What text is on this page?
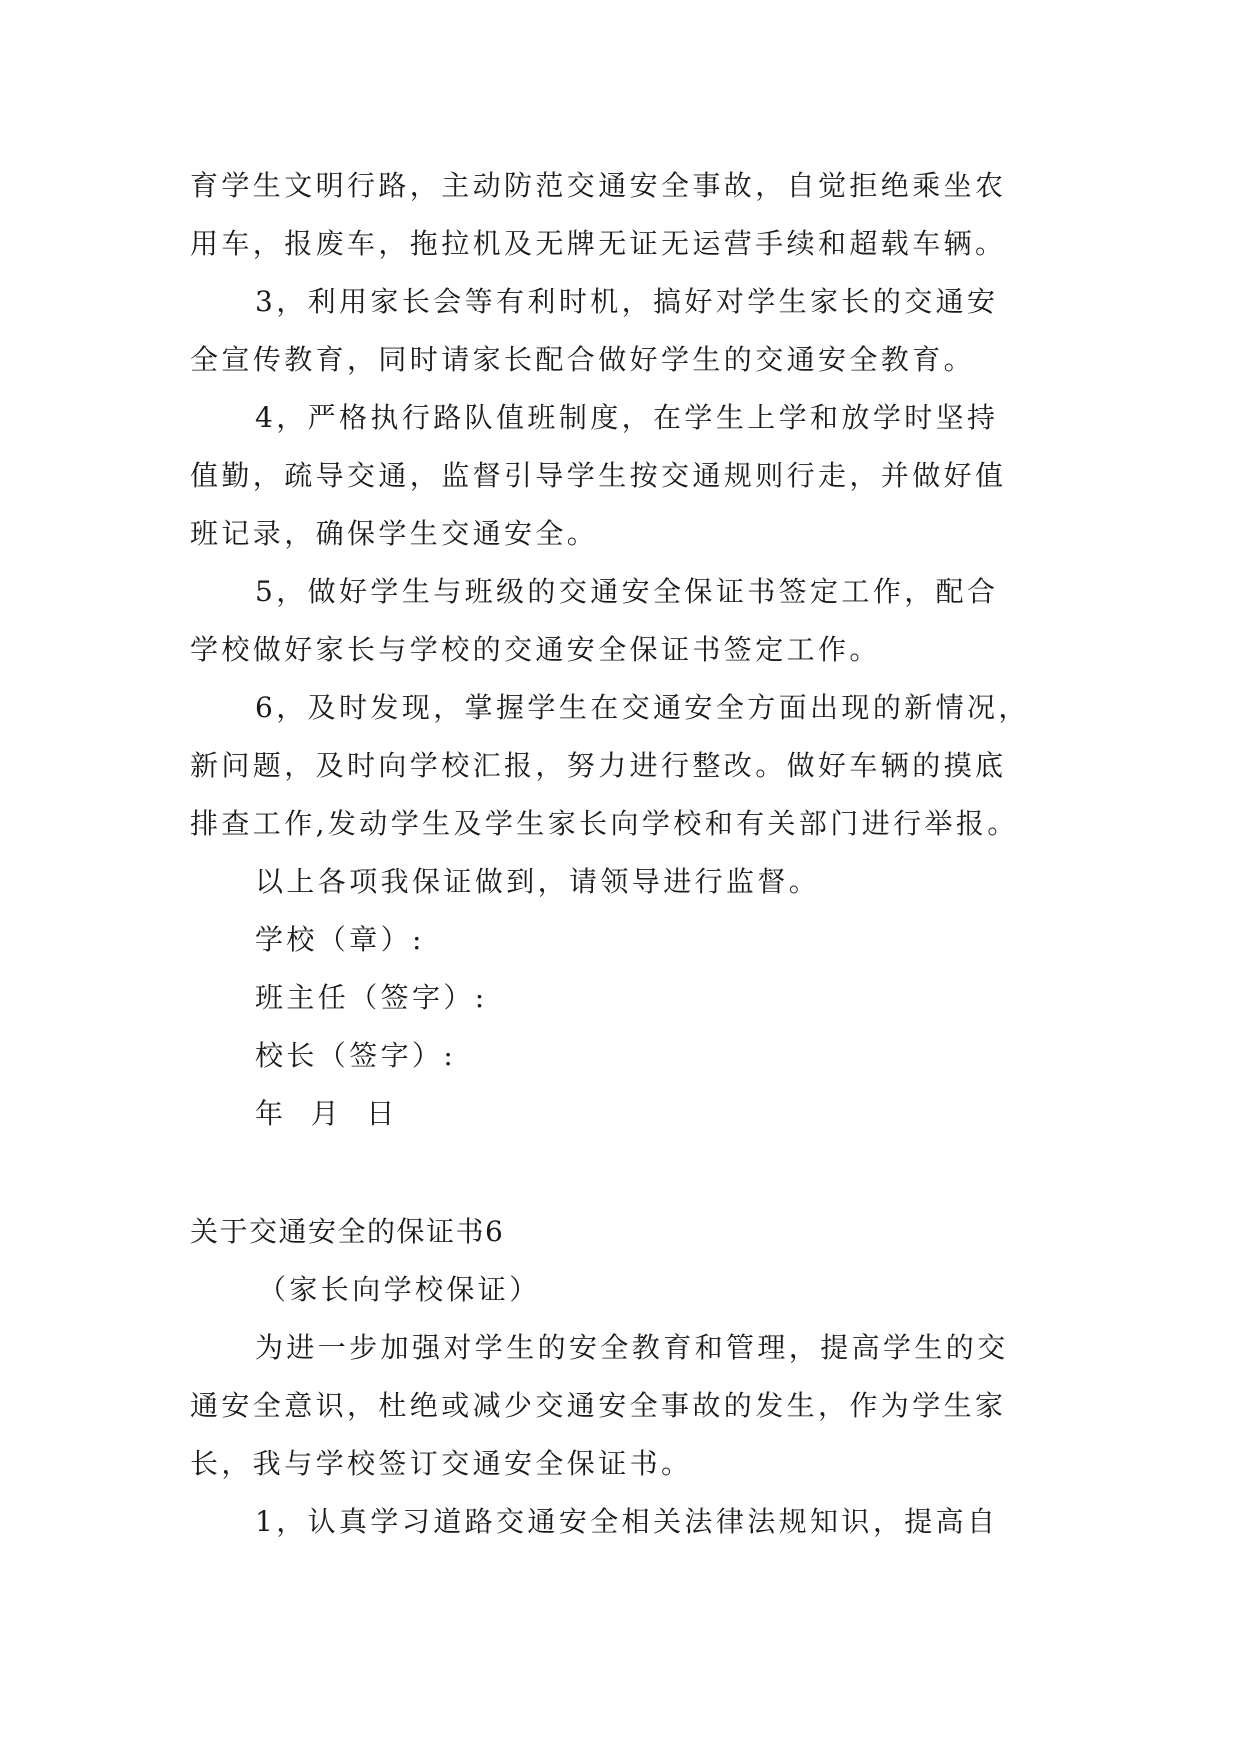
育学生文明行路，主动防范交通安全事故，自觉拒绝乘坐农
用车，报废车，拖拉机及无牌无证无运营手续和超载车辆。
3，利用家长会等有利时机，搞好对学生家长的交通安
全宣传教育，同时请家长配合做好学生的交通安全教育。
4，严格执行路队值班制度，在学生上学和放学时坚持
值勤，疏导交通，监督引导学生按交通规则行走，并做好值
班记录，确保学生交通安全。
5，做好学生与班级的交通安全保证书签定工作，配合
学校做好家长与学校的交通安全保证书签定工作。
6，及时发现，掌握学生在交通安全方面出现的新情况，
新问题，及时向学校汇报，努力进行整改。做好车辆的摸底
排查工作,发动学生及学生家长向学校和有关部门进行举报。
以上各项我保证做到，请领导进行监督。
学校（章）:
班主任（签字）:
校长（签字）:
年 月 日
关于交通安全的保证书6
（家长向学校保证）
为进一步加强对学生的安全教育和管理，提高学生的交
通安全意识，杜绝或减少交通安全事故的发生，作为学生家
长，我与学校签订交通安全保证书。
1，认真学习道路交通安全相关法律法规知识，提高自
